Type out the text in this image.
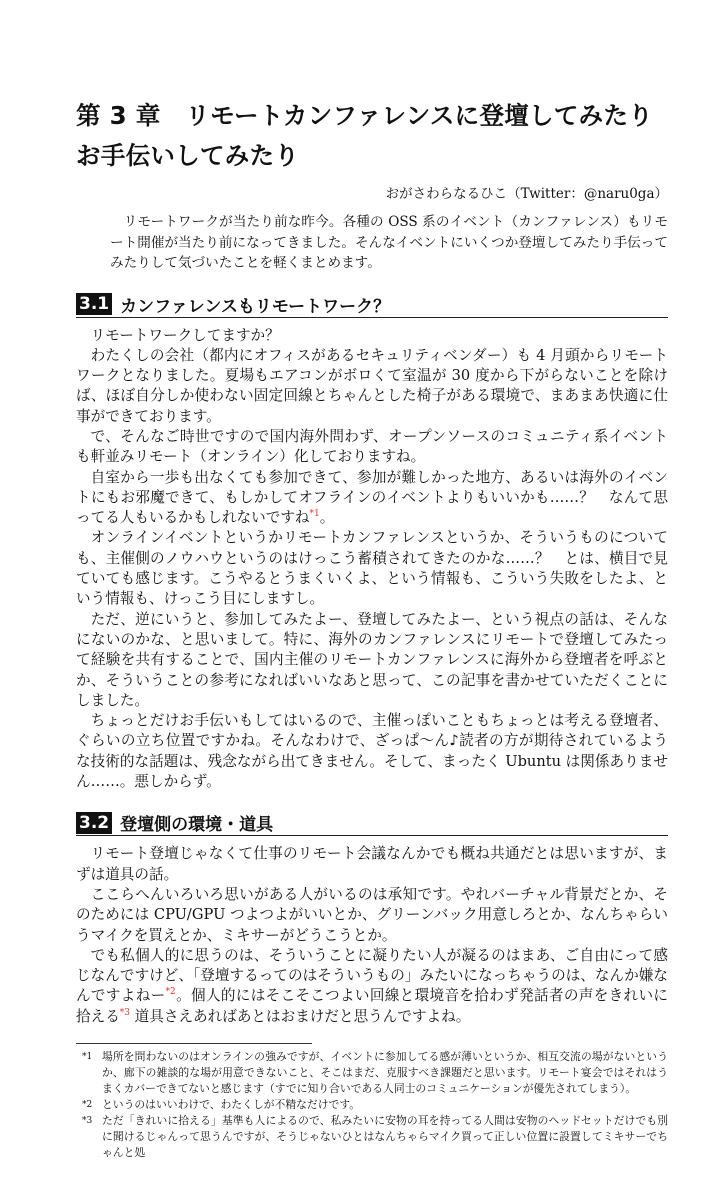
第 3 章　リモートカンファレンスに登壇してみたりお手伝いしてみたり
おがさわらなるひこ（Twitter：@naru0ga）
リモートワークが当たり前な昨今。各種の OSS 系のイベント（カンファレンス）もリモート開催が当たり前になってきました。そんなイベントにいくつか登壇してみたり手伝ってみたりして気づいたことを軽くまとめます。
3.1 カンファレンスもリモートワーク？

リモートワークしてますか？

わたくしの会社（都内にオフィスがあるセキュリティベンダー）も 4 月頭からリモートワークとなりました。夏場もエアコンがボロくて室温が 30 度から下がらないことを除けば、ほぼ自分しか使わない固定回線とちゃんとした椅子がある環境で、まあまあ快適に仕事ができております。

で、そんなご時世ですので国内海外問わず、オープンソースのコミュニティ系イベントも軒並みリモート（オンライン）化しておりますね。

自室から一歩も出なくても参加できて、参加が難しかった地方、あるいは海外のイベントにもお邪魔できて、もしかしてオフラインのイベントよりもいいかも……？　なんて思ってる人もいるかもしれないですね$^{*1}$。

オンラインイベントというかリモートカンファレンスというか、そういうものについても、主催側のノウハウというのはけっこう蓄積されてきたのかな……？　とは、横目で見ていても感じます。こうやるとうまくいくよ、という情報も、こういう失敗をしたよ、という情報も、けっこう目にしますし。

ただ、逆にいうと、参加してみたよー、登壇してみたよー、という視点の話は、そんなにないのかな、と思いまして。特に、海外のカンファレンスにリモートで登壇してみたって経験を共有することで、国内主催のリモートカンファレンスに海外から登壇者を呼ぶとか、そういうことの参考になればいいなあと思って、この記事を書かせていただくことにしました。

ちょっとだけお手伝いもしてはいるので、主催っぽいこともちょっとは考える登壇者、ぐらいの立ち位置ですかね。そんなわけで、ざっぱ〜ん♪読者の方が期待されているような技術的な話題は、残念ながら出てきません。そして、まったく Ubuntu は関係ありません……。悪しからず。

3.2 登壇側の環境・道具

リモート登壇じゃなくて仕事のリモート会議なんかでも概ね共通だとは思いますが、まずは道具の話。

ここらへんいろいろ思いがある人がいるのは承知です。やれバーチャル背景だとか、そのためには CPU/GPU つよつよがいいとか、グリーンバック用意しろとか、なんちゃらいうマイクを買えとか、ミキサーがどうこうとか。

でも私個人的に思うのは、そういうことに凝りたい人が凝るのはまあ、ご自由にって感じなんですけど、「登壇するってのはそういうもの」みたいになっちゃうのは、なんか嫌なんですよねー$^{*2}$。個人的にはそこそこつよい回線と環境音を拾わず発話者の声をきれいに拾える$^{*3}$ 道具さえあればあとはおまけだと思うんですよね。

*1 場所を問わないのはオンラインの強みですが、イベントに参加してる感が薄いというか、相互交流の場がないというか、廊下の雑談的な場が用意できないこと、そこはまだ、克服すべき課題だと思います。リモート宴会ではそれはうまくカバーできてないと感じます（すでに知り合いである人同士のコミュニケーションが優先されてしまう）。
*2 というのはいいわけで、わたくしが不精なだけです。
*3 ただ「きれいに拾える」基準も人によるので、私みたいに安物の耳を持ってる人間は安物のヘッドセットだけでも別に聞けるじゃんって思うんですが、そうじゃないひとはなんちゃらマイク買って正しい位置に設置してミキサーでちゃんと処
